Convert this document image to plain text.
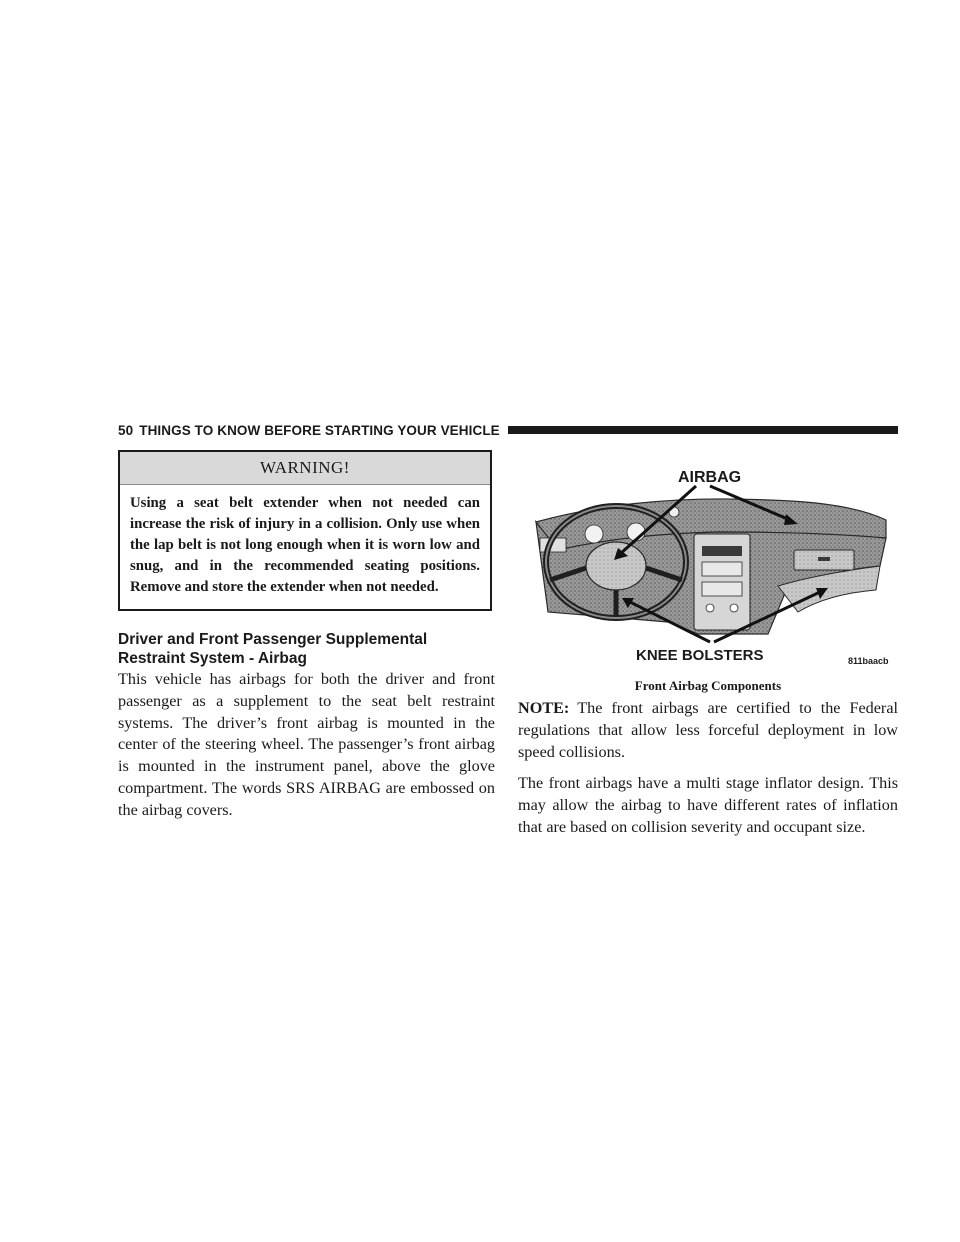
50 THINGS TO KNOW BEFORE STARTING YOUR VEHICLE
WARNING!
Using a seat belt extender when not needed can increase the risk of injury in a collision. Only use when the lap belt is not long enough when it is worn low and snug, and in the recommended seating positions. Remove and store the extender when not needed.
Driver and Front Passenger Supplemental Restraint System - Airbag
This vehicle has airbags for both the driver and front passenger as a supplement to the seat belt restraint systems. The driver’s front airbag is mounted in the center of the steering wheel. The passenger’s front airbag is mounted in the instrument panel, above the glove compartment. The words SRS AIRBAG are embossed on the airbag covers.
AIRBAG
KNEE BOLSTERS	811baacb
Front Airbag Components
NOTE: The front airbags are certified to the Federal regulations that allow less forceful deployment in low speed collisions.
The front airbags have a multi stage inflator design. This may allow the airbag to have different rates of inflation that are based on collision severity and occupant size.
